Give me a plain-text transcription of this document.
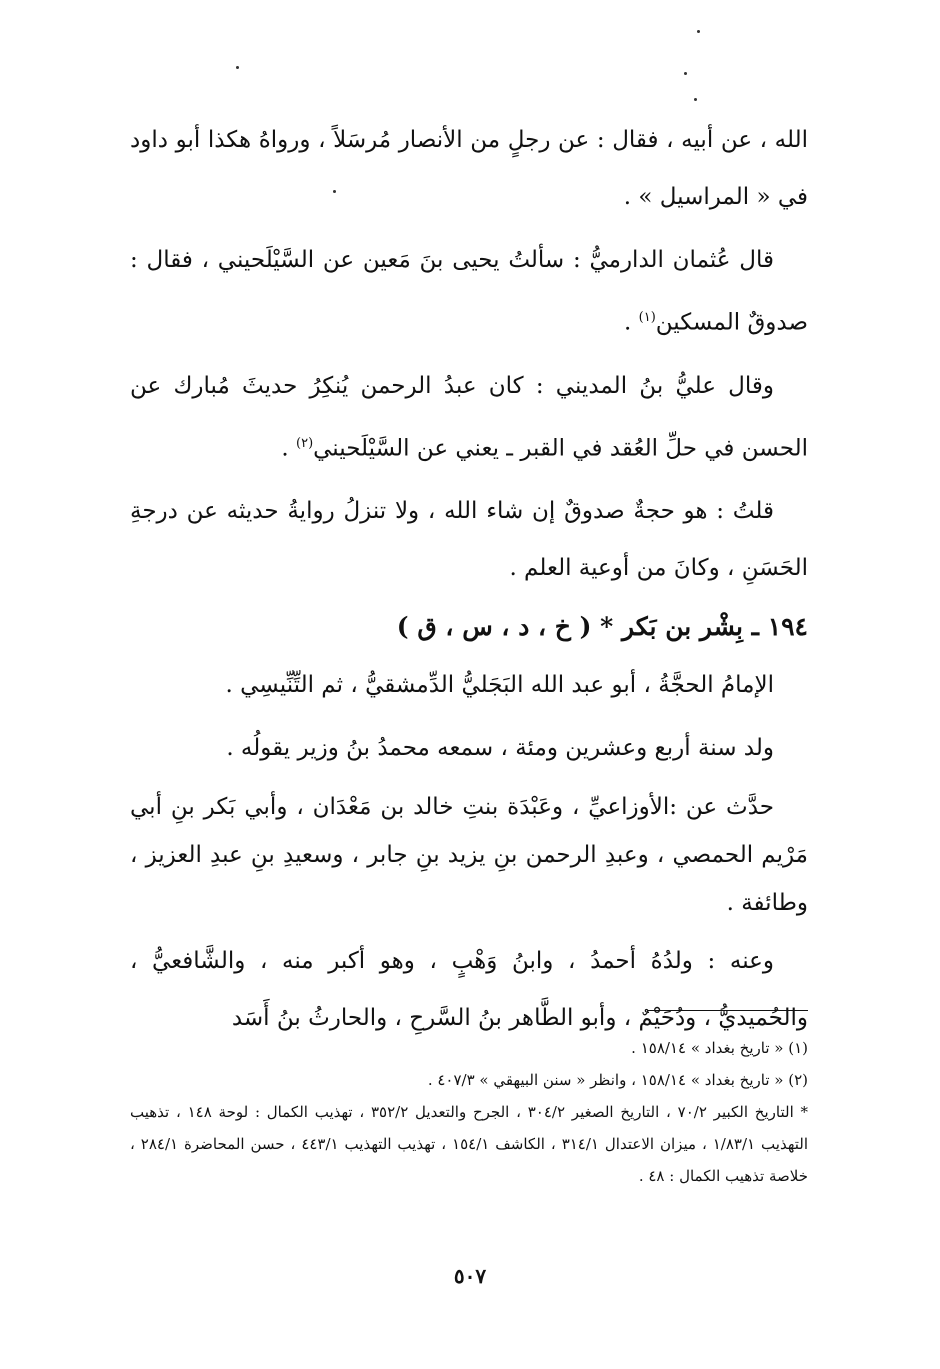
الله ، عن أبيه ، فقال : عن رجلٍ من الأنصار مُرسَلاً ، ورواهُ هكذا أبو داود في « المراسيل » .

قال عُثمان الدارميُّ : سألتُ يحيى بنَ مَعين عن السَّيْلَحيني ، فقال : صدوقٌ المسكين$^{(١)}$ .

وقال عليُّ بنُ المديني : كان عبدُ الرحمن يُنكِرُ حديثَ مُبارك عن الحسن في حلِّ العُقد في القبر ـ يعني عن السَّيْلَحيني$^{(٢)}$ .

قلتُ : هو حجةٌ صدوقٌ إن شاء الله ، ولا تنزلُ روايةُ حديثه عن درجةِ الحَسَنِ ، وكانَ من أوعية العلم .

١٩٤ ـ بِشْر بن بَكر * ( خ ، د ، س ، ق )

الإمامُ الحجَّةُ ، أبو عبد الله البَجَليُّ الدِّمشقيُّ ، ثم التِّنِّيسِي .

ولد سنة أربع وعشرين ومئة ، سمعه محمدُ بنُ وزير يقولُه .

حدَّث عن :الأوزاعيِّ ، وعَبْدَة بنتِ خالد بن مَعْدَان ، وأبي بَكر بنِ أبي مَرْيم الحمصي ، وعبدِ الرحمن بنِ يزيد بنِ جابر ، وسعيدِ بنِ عبدِ العزيز ، وطائفة .

وعنه : ولدُهُ أحمدُ ، وابنُ وَهْبٍ ، وهو أكبر منه ، والشَّافعيُّ ، والحُميديُّ ، ودُحَيْمٌ ، وأبو الطَّاهر بنُ السَّرحِ ، والحارثُ بنُ أَسَد

(١) « تاريخ بغداد » ١٥٨/١٤ .

(٢) « تاريخ بغداد » ١٥٨/١٤ ، وانظر « سنن البيهقي » ٤٠٧/٣ .

* التاريخ الكبير ٧٠/٢ ، التاريخ الصغير ٣٠٤/٢ ، الجرح والتعديل ٣٥٢/٢ ، تهذيب الكمال : لوحة ١٤٨ ، تذهيب التهذيب ١/٨٣/١ ، ميزان الاعتدال ٣١٤/١ ، الكاشف ١٥٤/١ ، تهذيب التهذيب ٤٤٣/١ ، حسن المحاضرة ٢٨٤/١ ، خلاصة تذهيب الكمال : ٤٨ .

٥٠٧
